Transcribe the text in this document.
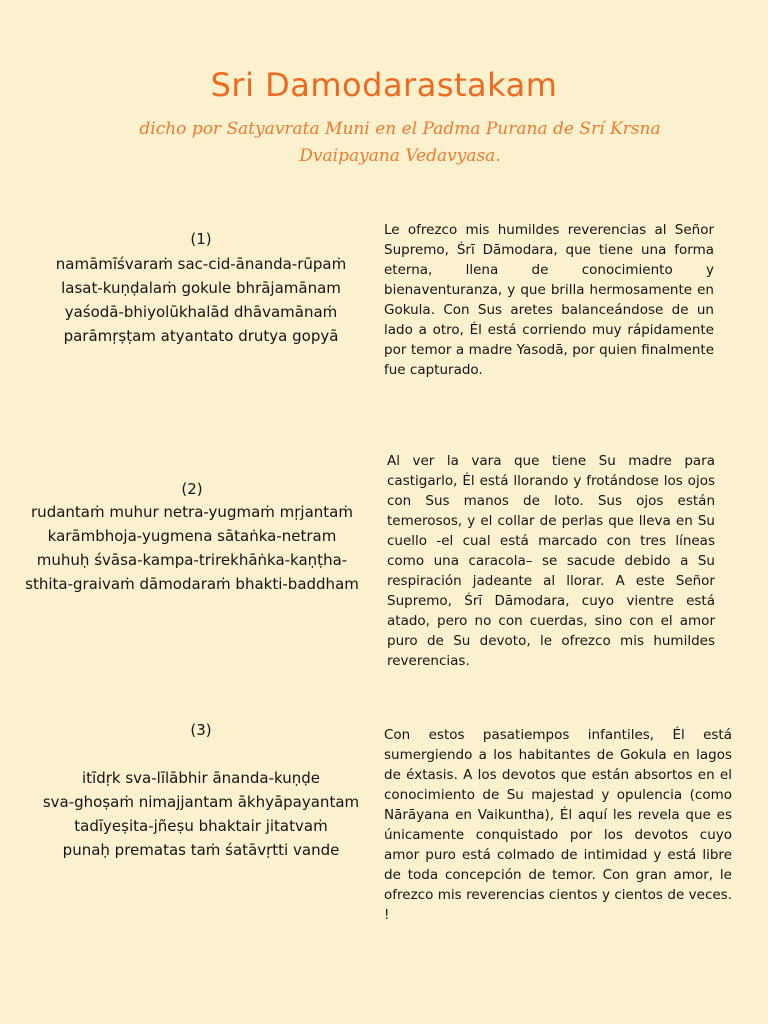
Sri Damodarastakam

dicho por Satyavrata Muni en el Padma Purana de Srí Krsna Dvaipayana Vedavyasa.

(1)
namāmīśvaraṁ sac-cid-ānanda-rūpaṁ
lasat-kuṇḍalaṁ gokule bhrājamānam
yaśodā-bhiyolūkhalād dhāvamānaṁ
parāmṛṣṭam atyantato drutya gopyā

Le ofrezco mis humildes reverencias al Señor Supremo, Śrī Dāmodara, que tiene una forma eterna, llena de conocimiento y bienaventuranza, y que brilla hermosamente en Gokula. Con Sus aretes balanceándose de un lado a otro, Él está corriendo muy rápidamente por temor a madre Yasodā, por quien finalmente fue capturado.

(2)
rudantaṁ muhur netra-yugmaṁ mṛjantaṁ
karāmbhoja-yugmena sātaṅka-netram
muhuḥ śvāsa-kampa-trirekhāṅka-kaṇṭha-
sthita-graivaṁ dāmodaraṁ bhakti-baddham

Al ver la vara que tiene Su madre para castigarlo, Él está llorando y frotándose los ojos con Sus manos de loto. Sus ojos están temerosos, y el collar de perlas que lleva en Su cuello -el cual está marcado con tres líneas como una caracola– se sacude debido a Su respiración jadeante al llorar. A este Señor Supremo, Śrī Dāmodara, cuyo vientre está atado, pero no con cuerdas, sino con el amor puro de Su devoto, le ofrezco mis humildes reverencias.

(3)
itīdṛk sva-līlābhir ānanda-kuṇḍe
sva-ghoṣaṁ nimajjantam ākhyāpayantam
tadīyeṣita-jñeṣu bhaktair jitatvaṁ
punaḥ prematas taṁ śatāvṛtti vande

Con estos pasatiempos infantiles, Él está sumergiendo a los habitantes de Gokula en lagos de éxtasis. A los devotos que están absortos en el conocimiento de Su majestad y opulencia (como Nārāyana en Vaikuntha), Él aquí les revela que es únicamente conquistado por los devotos cuyo amor puro está colmado de intimidad y está libre de toda concepción de temor. Con gran amor, le ofrezco mis reverencias cientos y cientos de veces. !
